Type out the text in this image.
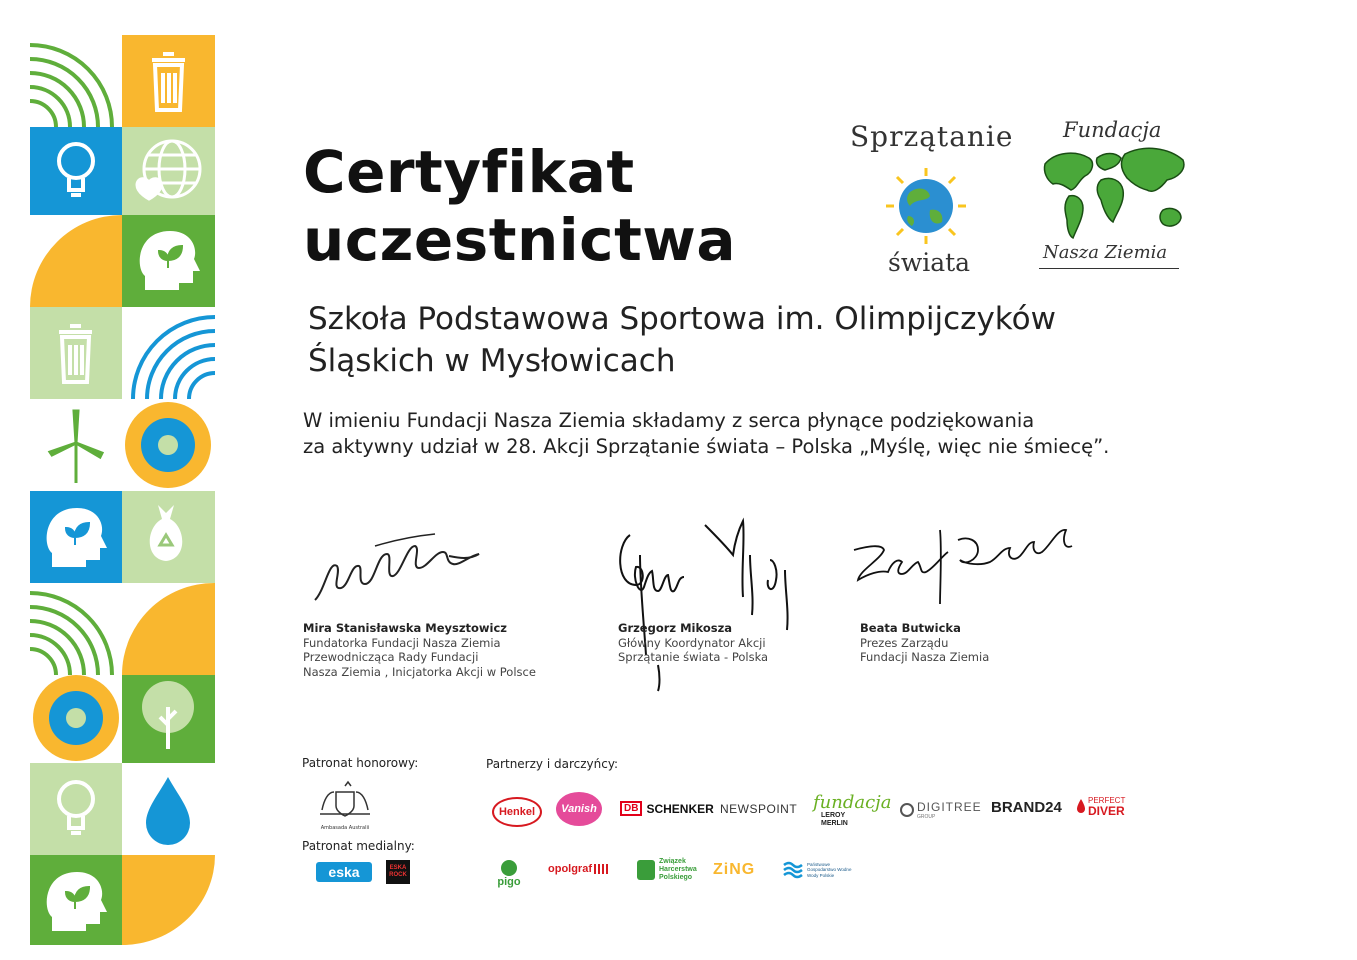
Certyfikat
uczestnictwa
Sprzątanie
świata
Fundacja
Nasza Ziemia
Szkoła Podstawowa Sportowa im. Olimpijczyków
Śląskich w Mysłowicach
W imieniu Fundacji Nasza Ziemia składamy z serca płynące podziękowania
za aktywny udział w 28. Akcji Sprzątanie świata – Polska „Myślę, więc nie śmiecę”.
Mira Stanisławska Meysztowicz
Fundatorka Fundacji Nasza Ziemia
Przewodnicząca Rady Fundacji
Nasza Ziemia , Inicjatorka Akcji w Polsce
Grzegorz Mikosza
Główny Koordynator Akcji
Sprzątanie świata - Polska
Beata Butwicka
Prezes Zarządu
Fundacji Nasza Ziemia
Patronat honorowy:	Partnerzy i darczyńcy:
Patronat medialny:
Ambasada Australii
eska	ESKA ROCK
Henkel Vanish	DB SCHENKER NEWSPOINT fundacja
LEROY MERLIN
DIGITREE
GROUP
BRAND24	PERFECT
DIVER
pigo
opolgraf
Związek Harcerstwa Polskiego	ZiNG	Państwowe Gospodarstwo Wodne Wody Polskie
